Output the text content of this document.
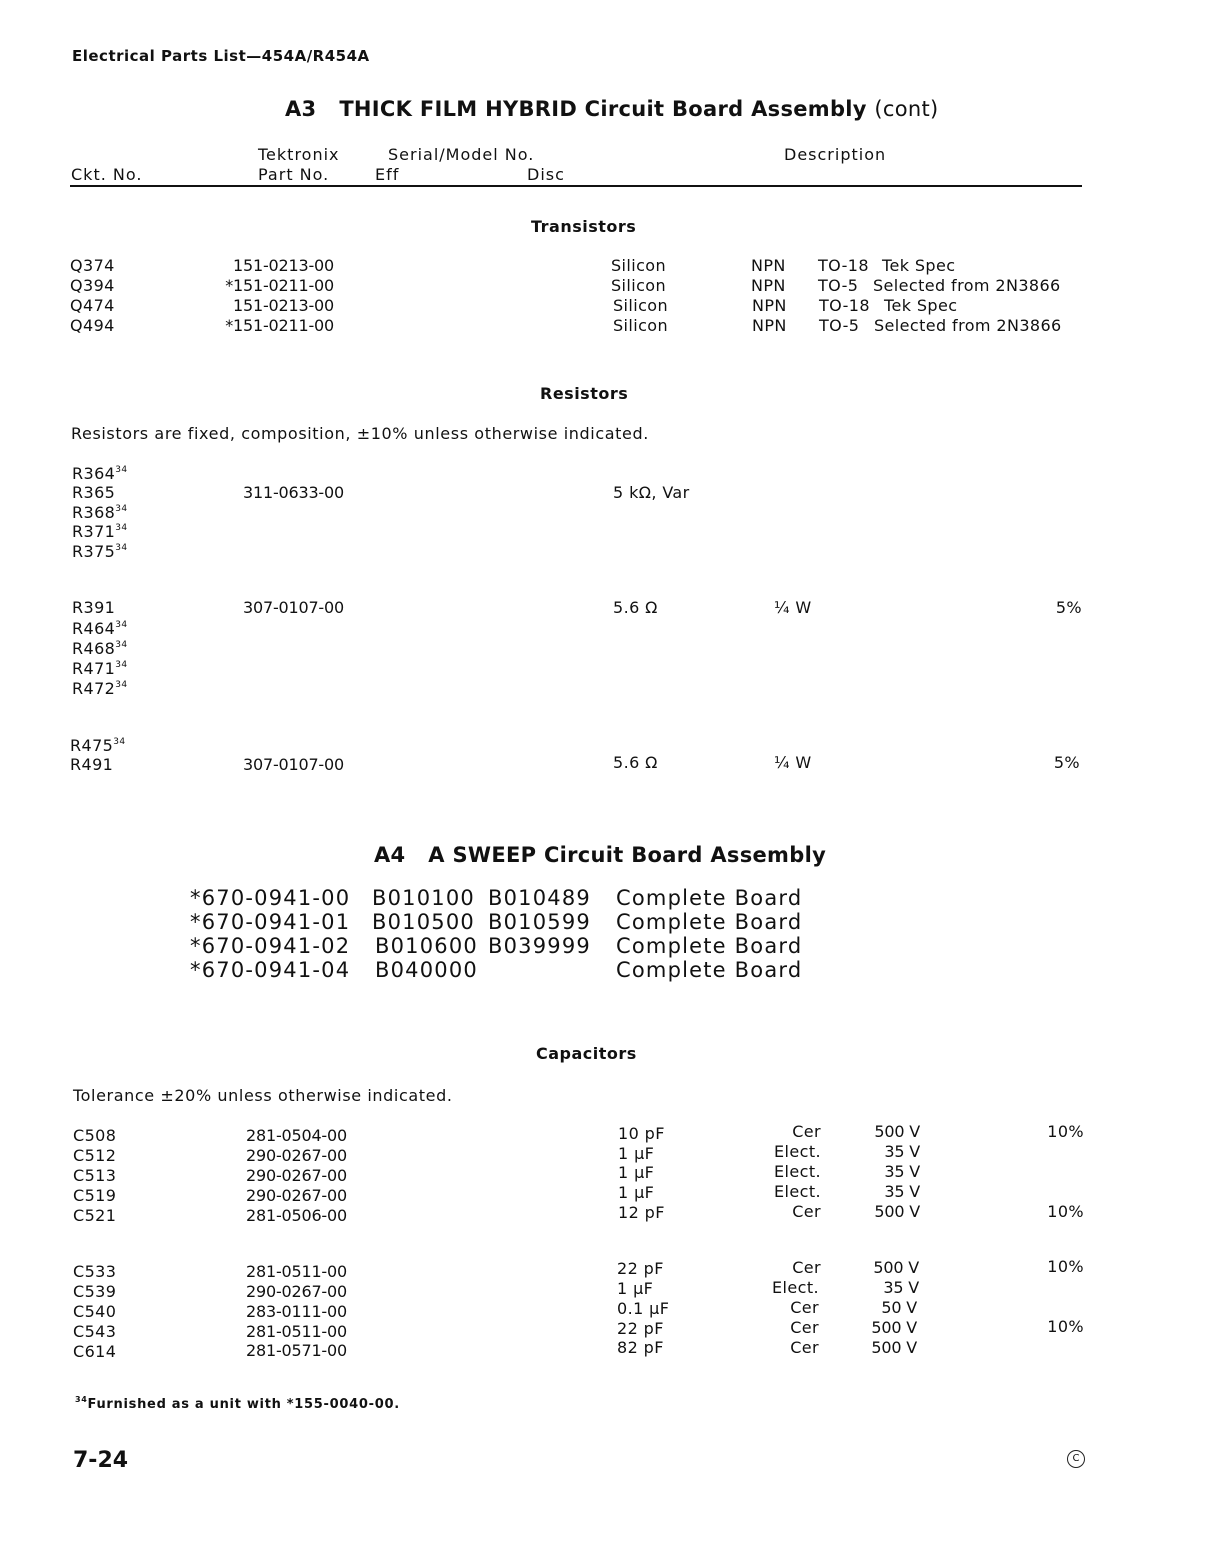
Electrical Parts List—454A/R454A
A3 THICK FILM HYBRID Circuit Board Assembly (cont)
Tektronix	Serial/Model No.	Description
Ckt. No.	Part No.	Eff	Disc
Transistors
Q374	151-0213-00	Silicon	NPN TO-18 Tek Spec
Q394	*151-0211-00	Silicon	NPN TO-5 Selected from 2N3866
Q474	151-0213-00	Silicon	NPN TO-18 Tek Spec
Q494	*151-0211-00	Silicon	NPN TO-5 Selected from 2N3866
Resistors
Resistors are fixed, composition, ±10% unless otherwise indicated.
$R364^{34}$
R365	311-0633-00	5 kΩ, Var
$R368^{34}$
$R371^{34}$
$R375^{34}$
R391	307-0107-00	5.6 Ω	¼ W	5%
$R464^{34}$
$R468^{34}$
$R471^{34}$
$R472^{34}$
$R475^{34}$
R491	307-0107-00	5.6 Ω	¼ W	5%
A4   A SWEEP Circuit Board Assembly
*670-0941-00 B010100 B010489 Complete Board
*670-0941-01 B010500 B010599 Complete Board
*670-0941-02 B010600 B039999 Complete Board
*670-0941-04 B040000	Complete Board
Capacitors
Tolerance ±20% unless otherwise indicated.
C508	281-0504-00	10 pF	Cer	500 V	10%
C512	290-0267-00	1 μF	Elect.	35 V
C513	290-0267-00	1 μF	Elect.	35 V
C519	290-0267-00	1 μF	Elect.	35 V
C521	281-0506-00	12 pF	Cer	500 V	10%
C533	281-0511-00	22 pF	Cer	500 V	10%
C539	290-0267-00	1 μF	Elect.	35 V
C540	283-0111-00	0.1 μF	Cer	50 V
C543	281-0511-00	22 pF	Cer	500 V	10%
C614	281-0571-00	82 pF	Cer	500 V
$^{34}$Furnished as a unit with *155-0040-00.
7-24	C
